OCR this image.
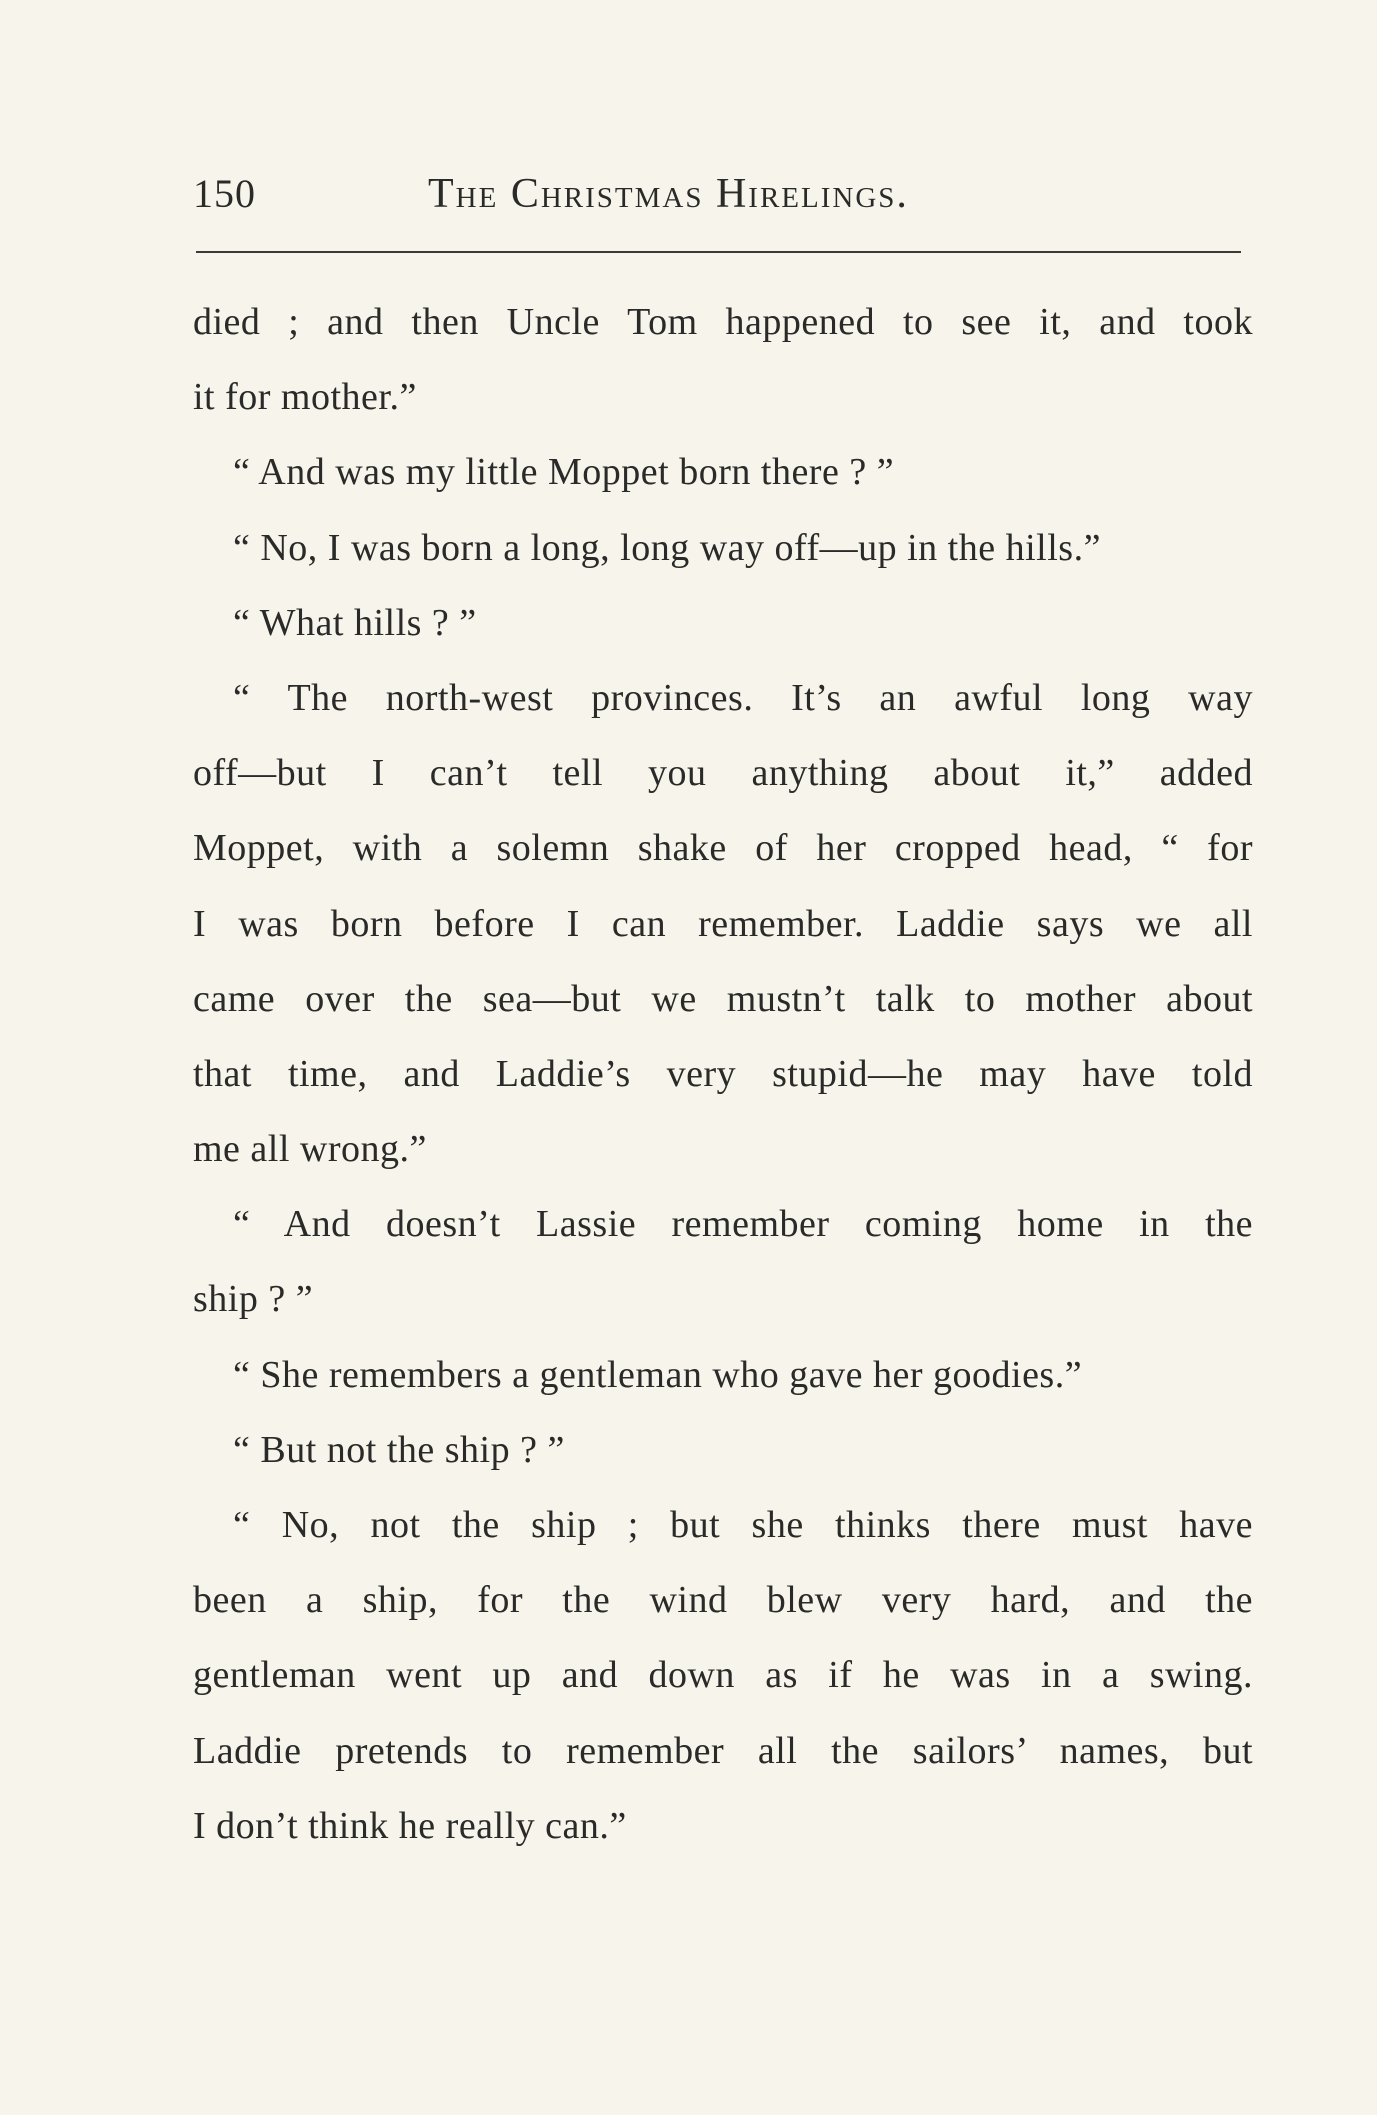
150	The Christmas Hirelings.
died ; and then Uncle Tom happened to see it, and took
it for mother.”
“ And was my little Moppet born there ? ”
“ No, I was born a long, long way off—up in the hills.”
“ What hills ? ”
“ The north-west provinces. It’s an awful long way
off—but I can’t tell you anything about it,” added
Moppet, with a solemn shake of her cropped head, “ for
I was born before I can remember. Laddie says we all
came over the sea—but we mustn’t talk to mother about
that time, and Laddie’s very stupid—he may have told
me all wrong.”
“ And doesn’t Lassie remember coming home in the
ship ? ”
“ She remembers a gentleman who gave her goodies.”
“ But not the ship ? ”
“ No, not the ship ; but she thinks there must have
been a ship, for the wind blew very hard, and the
gentleman went up and down as if he was in a swing.
Laddie pretends to remember all the sailors’ names, but
I don’t think he really can.”
